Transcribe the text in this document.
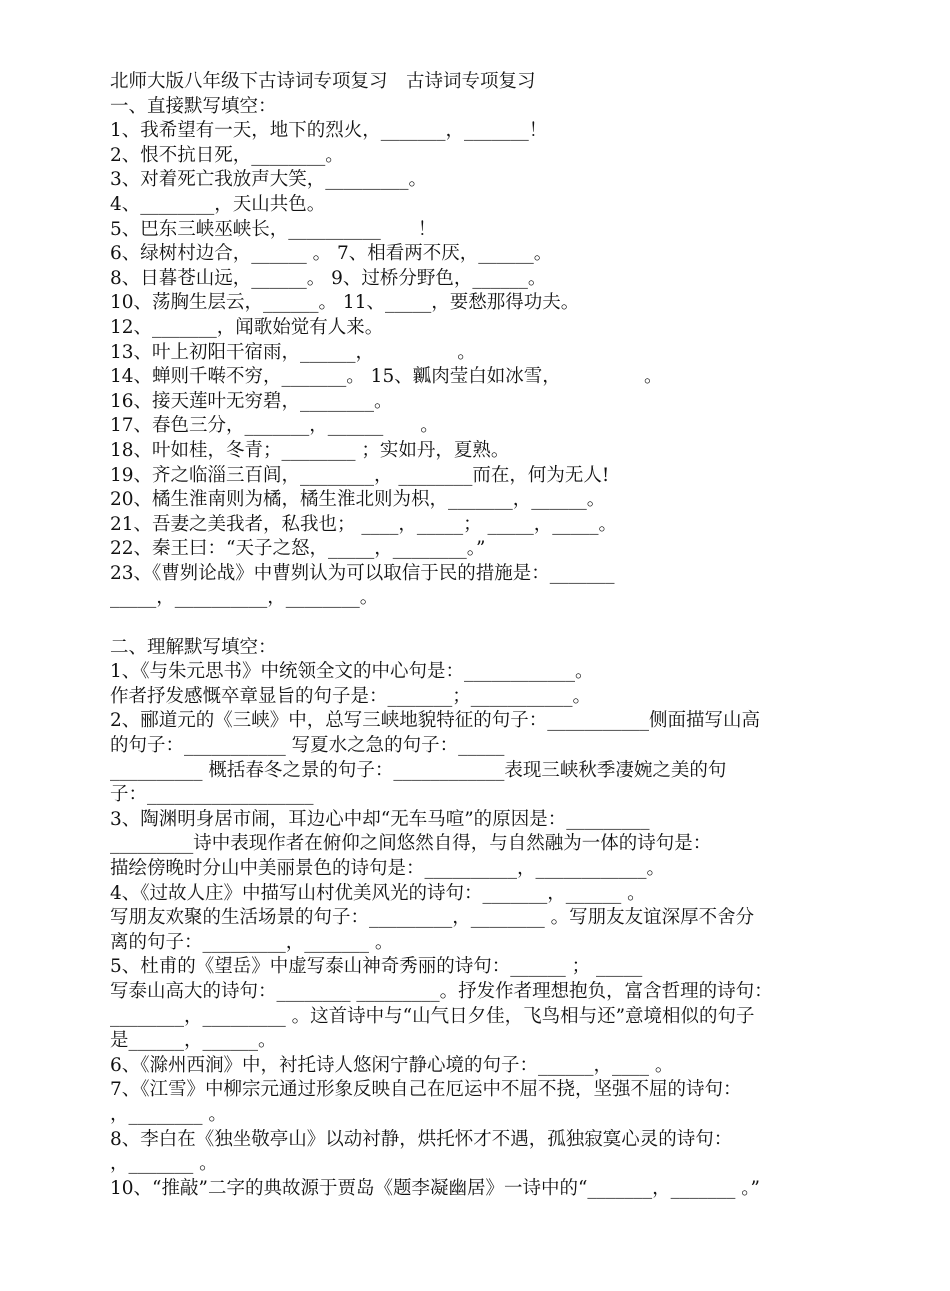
北师大版八年级下古诗词专项复习　古诗词专项复习
一、直接默写填空：
1、我希望有一天，地下的烈火，_______，_______！
2、恨不抗日死，________。
3、对着死亡我放声大笑，_________。
4、________，天山共色。
5、巴东三峡巫峡长，__________　　！
6、绿树村边合，______ 。 7、相看两不厌，______。
8、日暮苍山远，______。 9、过桥分野色，______。
10、荡胸生层云，______。 11、_____，要愁那得功夫。
12、_______，闻歌始觉有人来。
13、叶上初阳干宿雨，______，　　　　　。
14、蝉则千啭不穷，_______。 15、瓤肉莹白如冰雪，　　　　　。
16、接天莲叶无穷碧，________。
17、春色三分，_______，______　　。
18、叶如桂，冬青；________ ；实如丹，夏熟。
19、齐之临淄三百闾，________， ________而在，何为无人!
20、橘生淮南则为橘，橘生淮北则为枳，_______，______。
21、吾妻之美我者，私我也； ____，_____； _____，_____。
22、秦王曰：“天子之怒，_____，________。”
23、《曹刿论战》中曹刿认为可以取信于民的措施是：_______
_____，__________，________。
二、理解默写填空：
1、《与朱元思书》中统领全文的中心句是：____________。
作者抒发感慨卒章显旨的句子是：_______；___________。
2、郦道元的《三峡》中，总写三峡地貌特征的句子：___________侧面描写山高
的句子：___________ 写夏水之急的句子：_____
__________ 概括春冬之景的句子：____________表现三峡秋季凄婉之美的句
子：__________________
3、陶渊明身居市闹，耳边心中却“无车马喧”的原因是：_________
_________诗中表现作者在俯仰之间悠然自得，与自然融为一体的诗句是：
描绘傍晚时分山中美丽景色的诗句是：__________，____________。
4、《过故人庄》中描写山村优美风光的诗句：_______，______ 。
写朋友欢聚的生活场景的句子：_________，________ 。写朋友友谊深厚不舍分
离的句子：_________，_______ 。
5、杜甫的《望岳》中虚写泰山神奇秀丽的诗句：______ ； _____
写泰山高大的诗句：________ _________。抒发作者理想抱负，富含哲理的诗句：
________，_________ 。这首诗中与“山气日夕佳，飞鸟相与还”意境相似的句子
是______，______。
6、《滁州西涧》中，衬托诗人悠闲宁静心境的句子：______，____ 。
7、《江雪》中柳宗元通过形象反映自己在厄运中不屈不挠，坚强不屈的诗句：
，________ 。
8、李白在《独坐敬亭山》以动衬静，烘托怀才不遇，孤独寂寞心灵的诗句：
，_______ 。
10、“推敲”二字的典故源于贾岛《题李凝幽居》一诗中的“_______，_______ 。”
